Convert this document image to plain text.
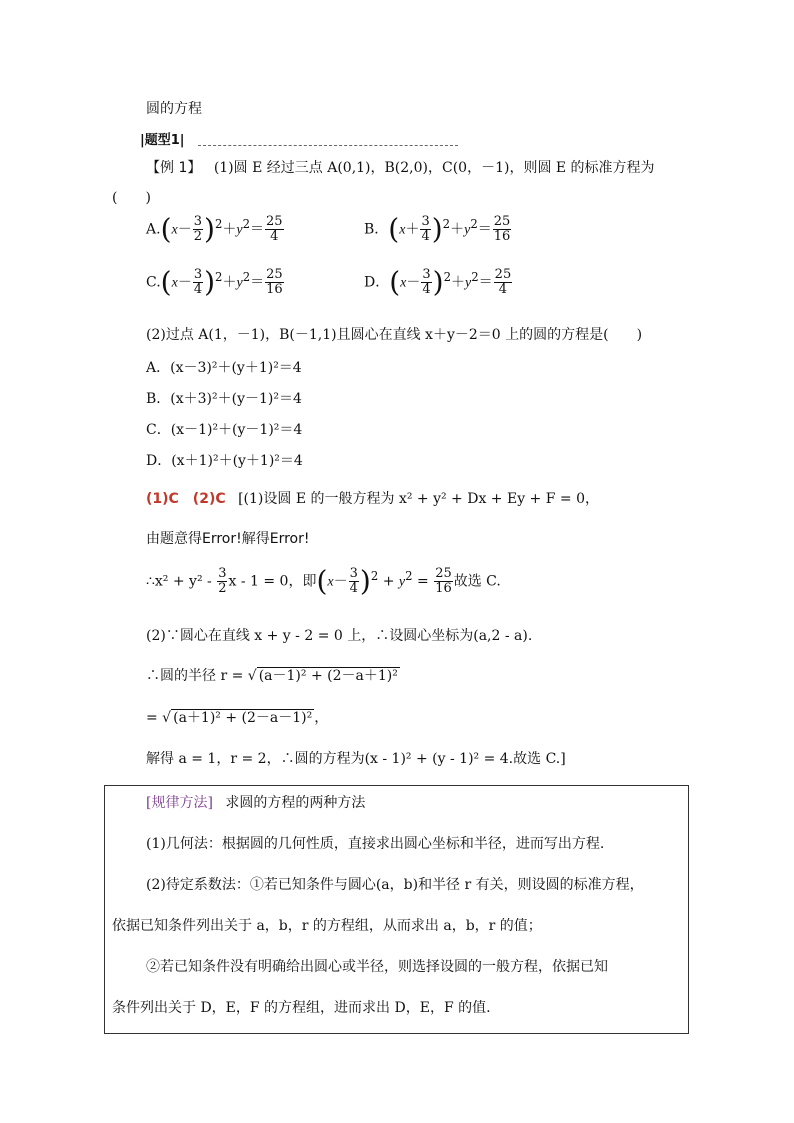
圆的方程
|题型1|
【例 1】 (1)圆 E 经过三点 A(0,1)，B(2,0)，C(0，－1)，则圆 E 的标准方程为
(　　)
$A.(x- \frac{3}{2} )^2+y^2= \frac{25}{4}$	B．$(x+ \frac{3}{4} )^2+y^2= \frac{25}{16}$
$C.(x- \frac{3}{4} )^2+y^2= \frac{25}{16}$	D．$(x- \frac{3}{4} )^2+y^2= \frac{25}{4}$
(2)过点 A(1，－1)，B(－1,1)且圆心在直线 x＋y－2＝0 上的圆的方程是(　　)
A．(x－3)²＋(y＋1)²＝4
B．(x＋3)²＋(y－1)²＝4
C．(x－1)²＋(y－1)²＝4
D．(x＋1)²＋(y＋1)²＝4
(1)C　(2)C [(1)设圆 E 的一般方程为 x² + y² + Dx + Ey + F = 0，
由题意得Error!解得Error!
∴x² + $y^2 - \frac{3}{2}$ x - 1 = 0，即$(x- \frac{3}{4} )^2 + y^2 = \frac{25}{16}$ 故选 C.
(2)∵圆心在直线 x + y - 2 = 0 上，∴设圆心坐标为(a,2 - a).
∴圆的半径 r = √ (a－1)² + (2－a＋1)²
= √ (a＋1)² + (2－a－1)² ，
解得 a = 1，r = 2，∴圆的方程为(x - 1)² + (y - 1)² = 4.故选 C.]
[规律方法] 求圆的方程的两种方法
(1)几何法：根据圆的几何性质，直接求出圆心坐标和半径，进而写出方程.
(2)待定系数法：①若已知条件与圆心(a，b)和半径 r 有关，则设圆的标准方程，
依据已知条件列出关于 a，b，r 的方程组，从而求出 a，b，r 的值；
②若已知条件没有明确给出圆心或半径，则选择设圆的一般方程，依据已知
条件列出关于 D，E，F 的方程组，进而求出 D，E，F 的值.
